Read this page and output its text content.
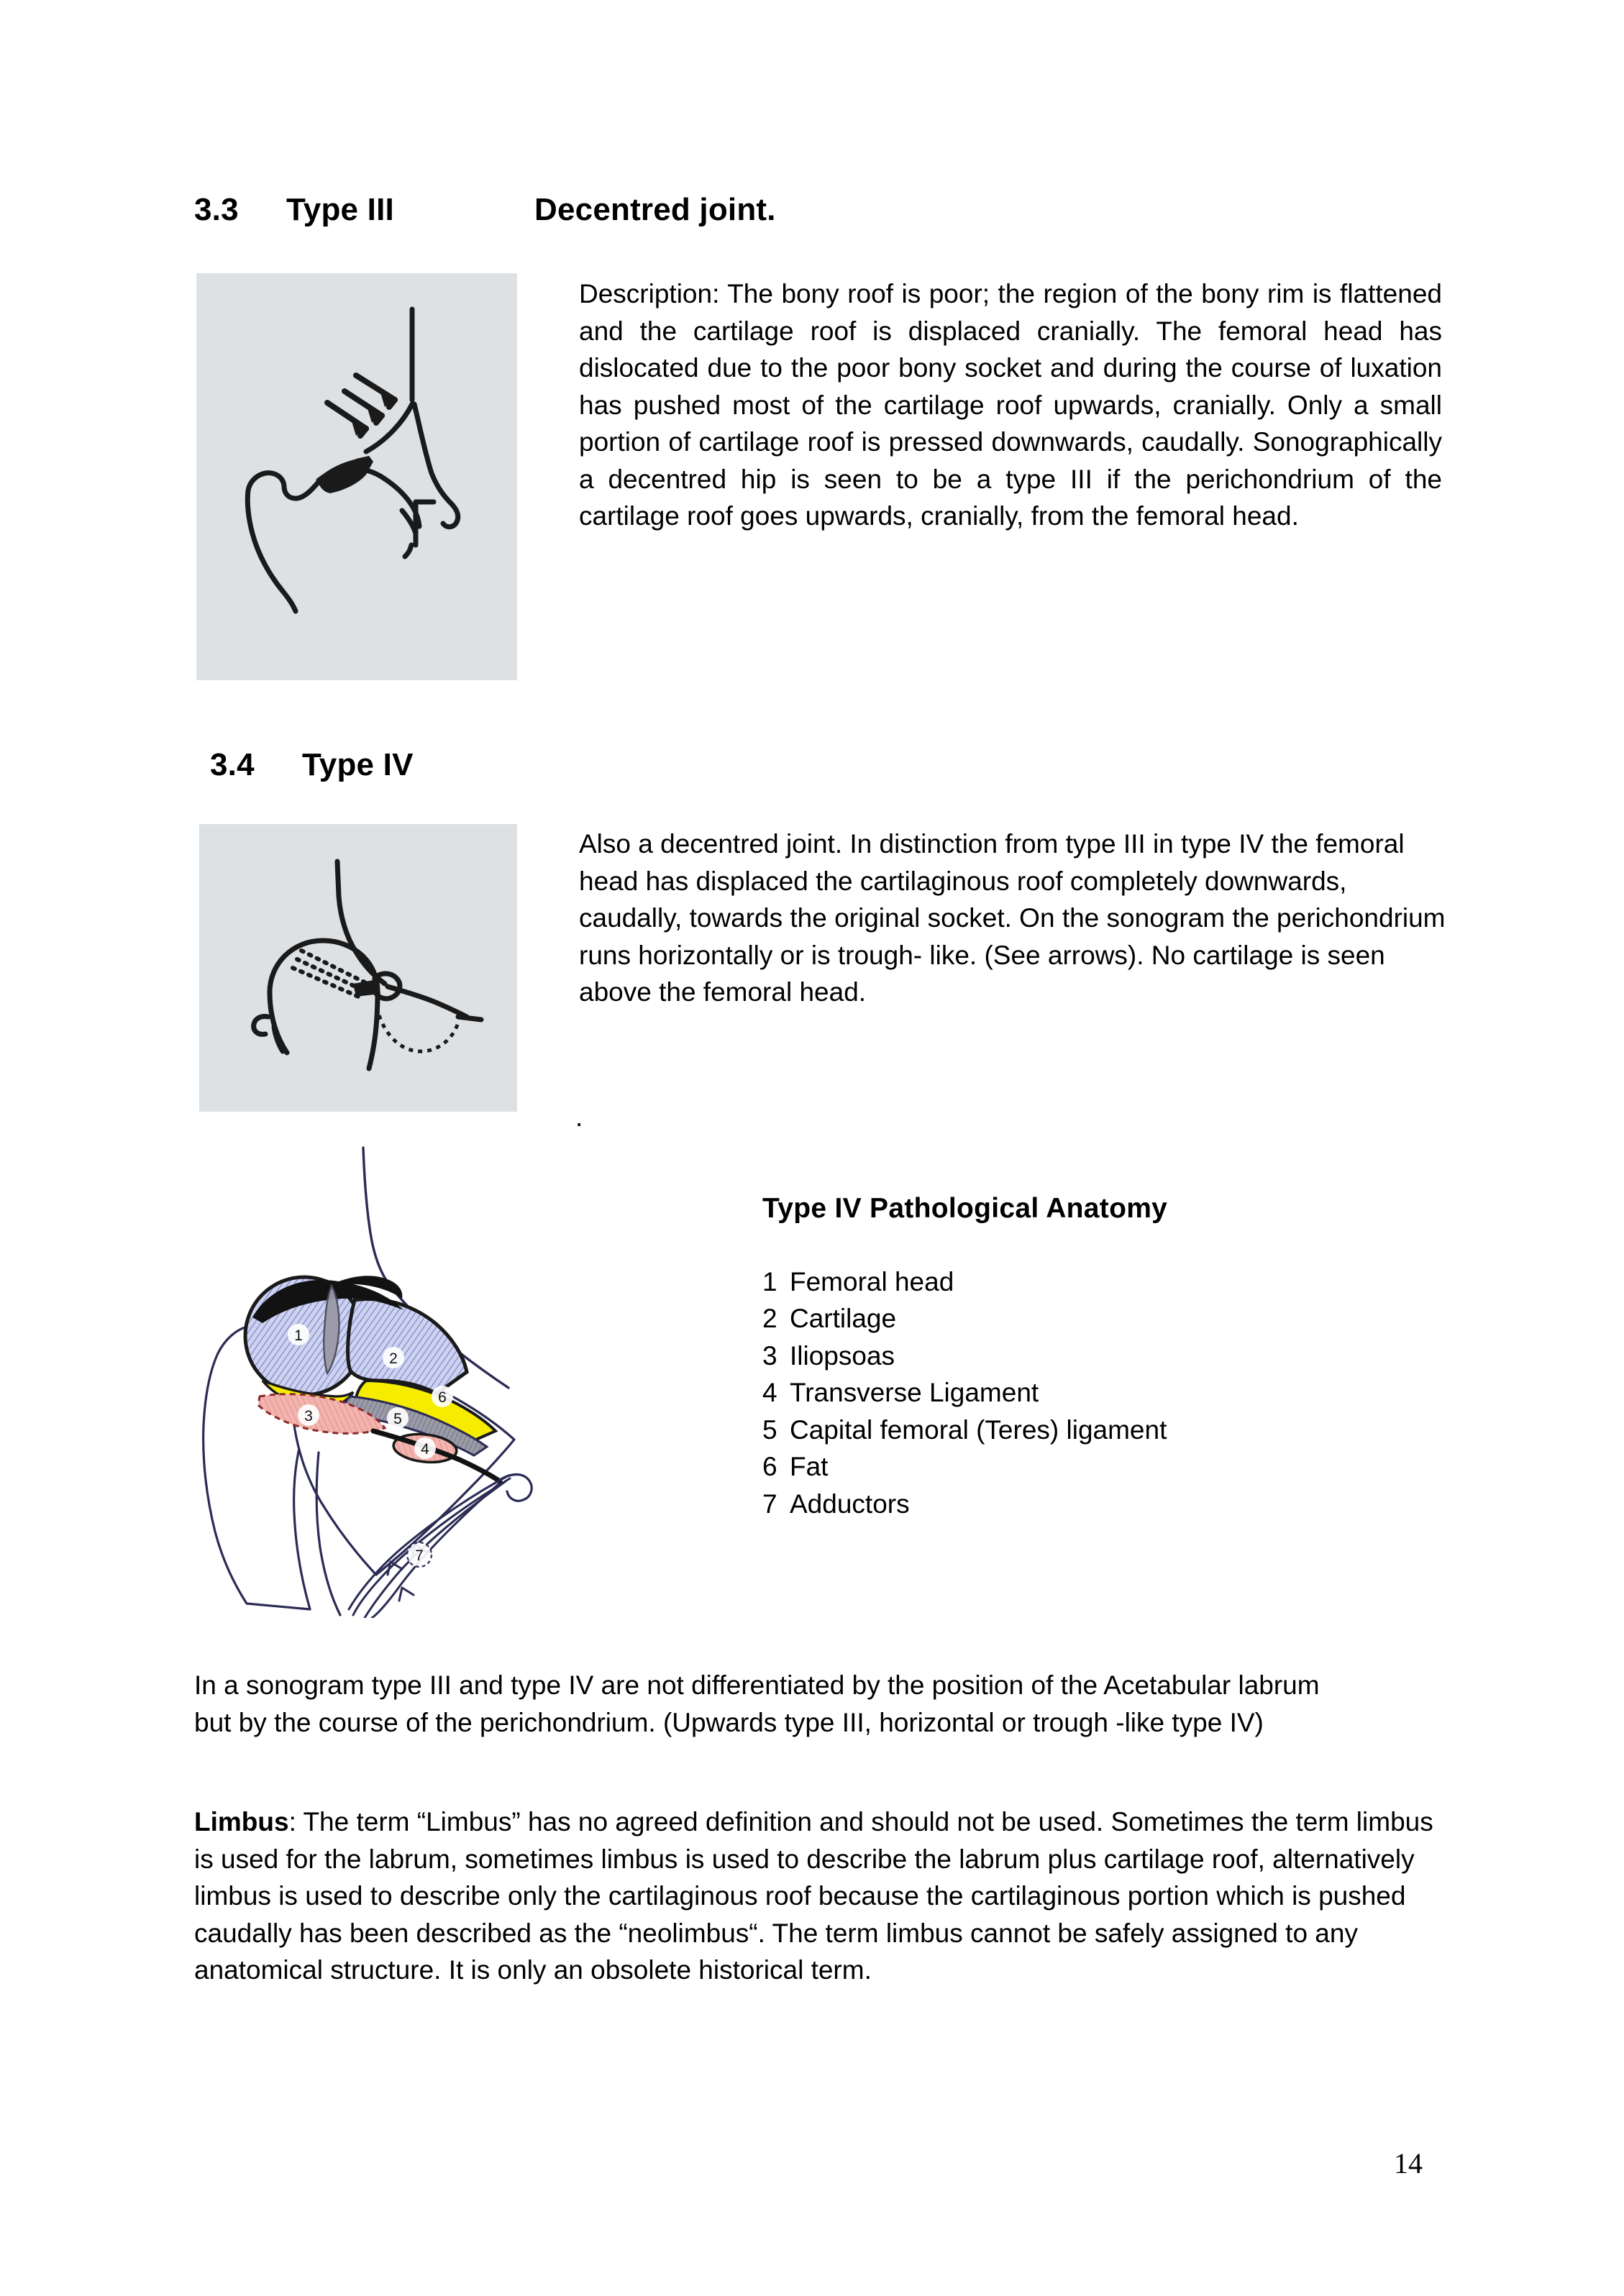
3.3 Type III	Decentred joint.
Description: The bony roof is poor; the region of the bony rim is flattened and the cartilage roof is displaced cranially. The femoral head has dislocated due to the poor bony socket and during the course of luxation has pushed most of the cartilage roof upwards, cranially. Only a small portion of cartilage roof is pressed downwards, caudally. Sonographically a decentred hip is seen to be a type III if the perichondrium of the cartilage roof goes upwards, cranially, from the femoral head.
3.4 Type IV
Also a decentred joint. In distinction from type III in type IV the femoral head has displaced the cartilaginous roof completely downwards, caudally, towards the original socket. On the sonogram the perichondrium runs horizontally or is trough- like. (See arrows). No cartilage is seen above the femoral head.
.
1
2
3
4
5
6
7
Type IV Pathological Anatomy
1 Femoral head
2 Cartilage
3 Iliopsoas
4 Transverse Ligament
5 Capital femoral (Teres) ligament
6 Fat
7 Adductors
In a sonogram type III and type IV are not differentiated by the position of the Acetabular labrum but by the course of the perichondrium. (Upwards type III, horizontal or trough -like type IV)
Limbus: The term “Limbus” has no agreed definition and should not be used. Sometimes the term limbus is used for the labrum, sometimes limbus is used to describe the labrum plus cartilage roof, alternatively limbus is used to describe only the cartilaginous roof because the cartilaginous portion which is pushed caudally has been described as the “neolimbus“. The term limbus cannot be safely assigned to any anatomical structure. It is only an obsolete historical term.
14
